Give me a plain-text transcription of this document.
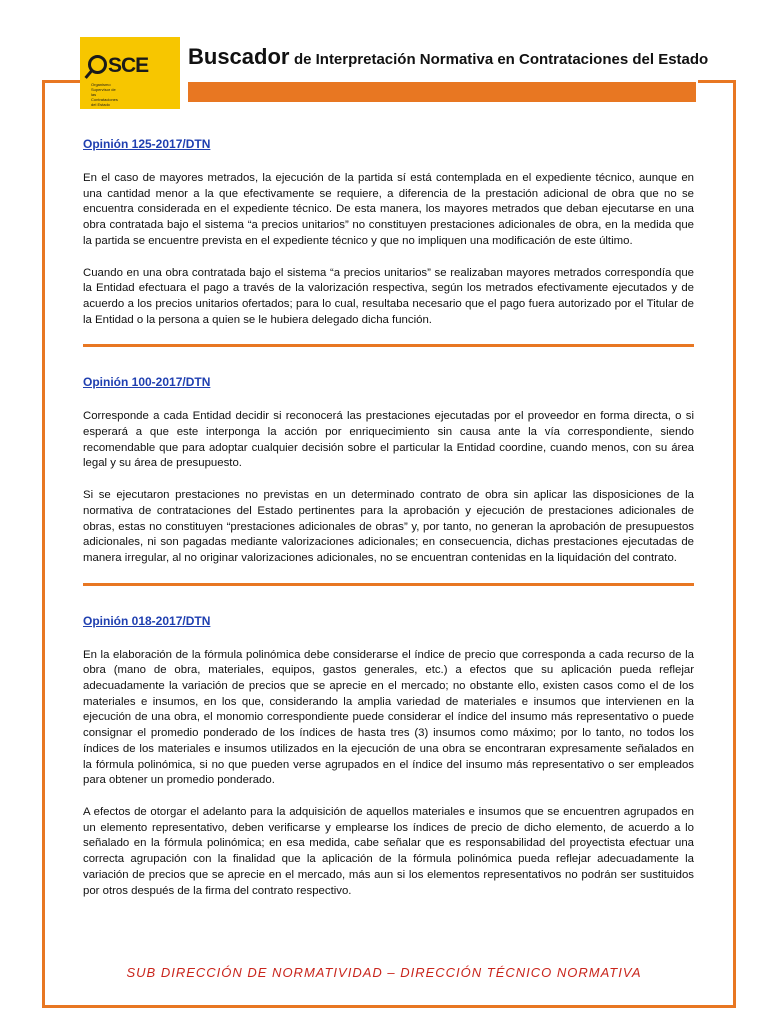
SCE Organismo Supervisor de las Contrataciones del Estado
Buscador de Interpretación Normativa en Contrataciones del Estado

Opinión 125-2017/DTN

En el caso de mayores metrados, la ejecución de la partida sí está contemplada en el expediente técnico, aunque en una cantidad menor a la que efectivamente se requiere, a diferencia de la prestación adicional de obra que no se encuentra considerada en el expediente técnico. De esta manera, los mayores metrados que deban ejecutarse en una obra contratada bajo el sistema “a precios unitarios” no constituyen prestaciones adicionales de obra, en la medida que la partida se encuentre prevista en el expediente técnico y que no impliquen una modificación de este último.

Cuando en una obra contratada bajo el sistema “a precios unitarios” se realizaban mayores metrados correspondía que la Entidad efectuara el pago a través de la valorización respectiva, según los metrados efectivamente ejecutados y de acuerdo a los precios unitarios ofertados; para lo cual, resultaba necesario que el pago fuera autorizado por el Titular de la Entidad o la persona a quien se le hubiera delegado dicha función.

Opinión 100-2017/DTN

Corresponde a cada Entidad decidir si reconocerá las prestaciones ejecutadas por el proveedor en forma directa, o si esperará a que este interponga la acción por enriquecimiento sin causa ante la vía correspondiente, siendo recomendable que para adoptar cualquier decisión sobre el particular la Entidad coordine, cuando menos, con su área legal y su área de presupuesto.

Si se ejecutaron prestaciones no previstas en un determinado contrato de obra sin aplicar las disposiciones de la normativa de contrataciones del Estado pertinentes para la aprobación y ejecución de prestaciones adicionales de obras, estas no constituyen “prestaciones adicionales de obras” y, por tanto, no generan la aprobación de presupuestos adicionales, ni son pagadas mediante valorizaciones adicionales; en consecuencia, dichas prestaciones ejecutadas de manera irregular, al no originar valorizaciones adicionales, no se encuentran contenidas en la liquidación del contrato.

Opinión 018-2017/DTN

En la elaboración de la fórmula polinómica debe considerarse el índice de precio que corresponda a cada recurso de la obra (mano de obra, materiales, equipos, gastos generales, etc.) a efectos que su aplicación pueda reflejar adecuadamente la variación de precios que se aprecie en el mercado; no obstante ello, existen casos como el de los materiales e insumos, en los que, considerando la amplia variedad de materiales e insumos que intervienen en la ejecución de una obra, el monomio correspondiente puede considerar el índice del insumo más representativo o puede consignar el promedio ponderado de los índices de hasta tres (3) insumos como máximo; por lo tanto, no todos los índices de los materiales e insumos utilizados en la ejecución de una obra se encontraran expresamente señalados en la fórmula polinómica, si no que pueden verse agrupados en el índice del insumo más representativo o ser empleados para obtener un promedio ponderado.

A efectos de otorgar el adelanto para la adquisición de aquellos materiales e insumos que se encuentren agrupados en un elemento representativo, deben verificarse y emplearse los índices de precio de dicho elemento, de acuerdo a lo señalado en la fórmula polinómica; en esa medida, cabe señalar que es responsabilidad del proyectista efectuar una correcta agrupación con la finalidad que la aplicación de la fórmula polinómica pueda reflejar adecuadamente la variación de precios que se aprecie en el mercado, más aun si los elementos representativos no podrán ser sustituidos por otros después de la firma del contrato respectivo.

SUB DIRECCIÓN DE NORMATIVIDAD – DIRECCIÓN TÉCNICO NORMATIVA
